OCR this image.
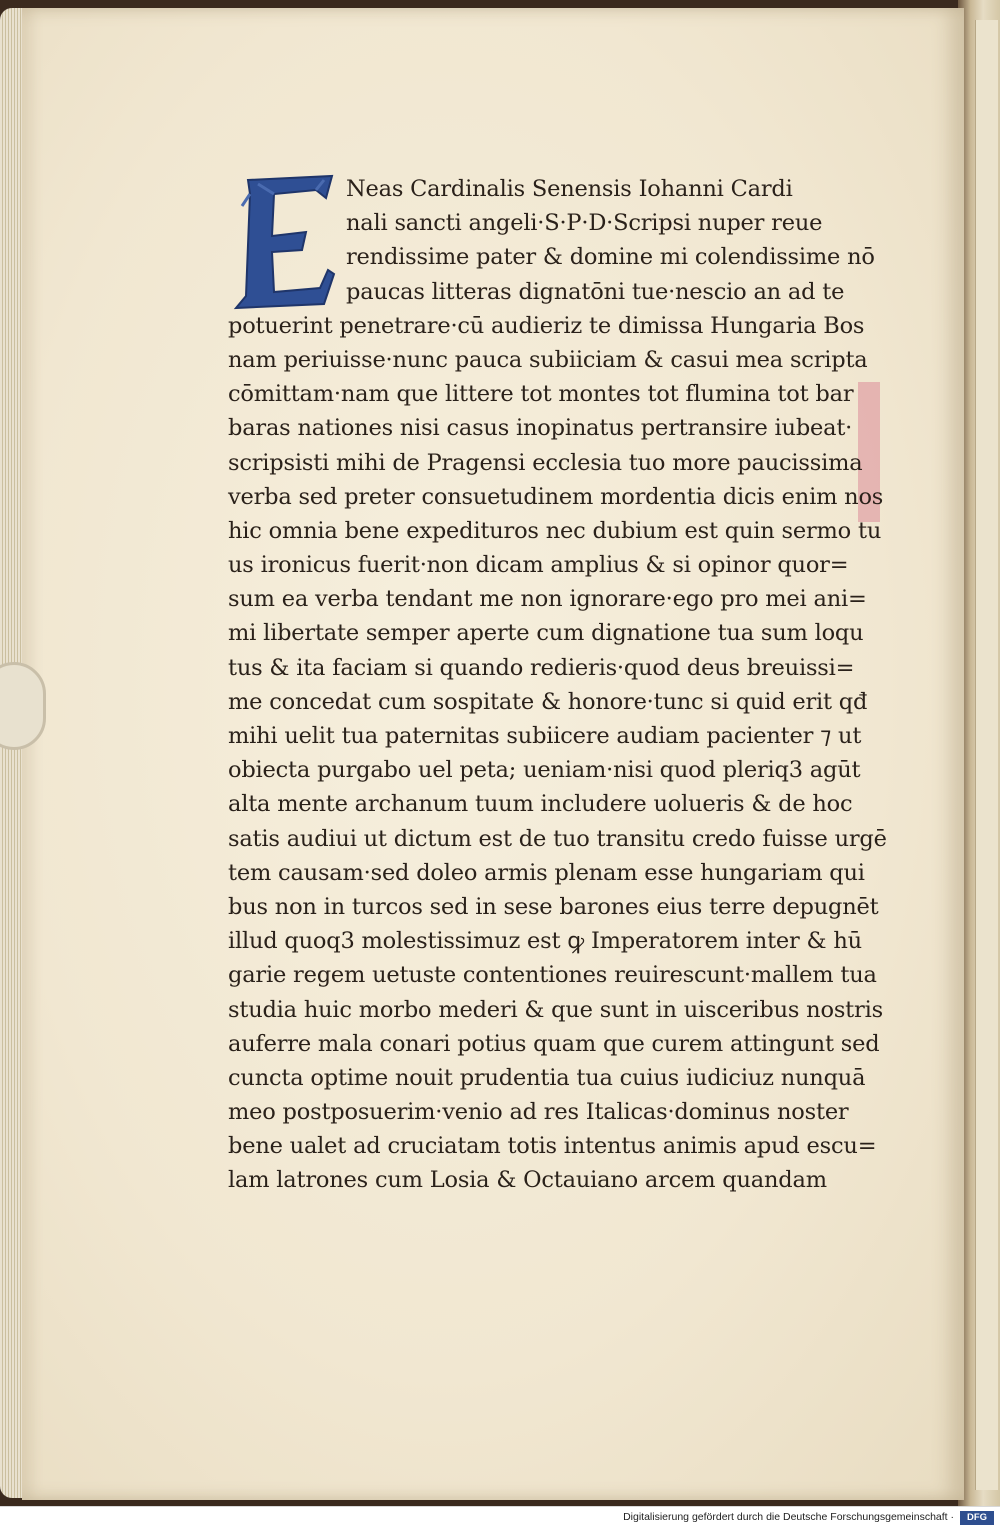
E
Neas Cardinalis Senensis Iohanni Cardi
nali sancti angeli·S·P·D·Scripsi nuper reue
rendissime pater & domine mi colendissime nō
paucas litteras dignatōni tue·nescio an ad te
potuerint penetrare·cū audieriz te dimissa Hungaria Bos
nam periuisse·nunc pauca subiiciam & casui mea scripta
cōmittam·nam que littere tot montes tot flumina tot bar
baras nationes nisi casus inopinatus pertransire iubeat·
scripsisti mihi de Pragensi ecclesia tuo more paucissima
verba sed preter consuetudinem mordentia dicis enim nos
hic omnia bene expedituros nec dubium est quin sermo tu
us ironicus fuerit·non dicam amplius & si opinor quor=
sum ea verba tendant me non ignorare·ego pro mei ani=
mi libertate semper aperte cum dignatione tua sum loqu
tus & ita faciam si quando redieris·quod deus breuissi=
me concedat cum sospitate & honore·tunc si quid erit qđ
mihi uelit tua paternitas subiicere audiam pacienter ⁊ ut
obiecta purgabo uel peta; ueniam·nisi quod pleriq3 agūt
alta mente archanum tuum includere uolueris & de hoc
satis audiui ut dictum est de tuo transitu credo fuisse urgē
tem causam·sed doleo armis plenam esse hungariam qui
bus non in turcos sed in sese barones eius terre depugnēt
illud quoq3 molestissimuz est ꝙ Imperatorem inter & hū
garie regem uetuste contentiones reuirescunt·mallem tua
studia huic morbo mederi & que sunt in uisceribus nostris
auferre mala conari potius quam que curem attingunt sed
cuncta optime nouit prudentia tua cuius iudiciuz nunquā
meo postposuerim·venio ad res Italicas·dominus noster
bene ualet ad cruciatam totis intentus animis apud escu=
lam latrones cum Losia & Octauiano arcem quandam
Digitalisierung gefördert durch die Deutsche Forschungsgemeinschaft ·	DFG
